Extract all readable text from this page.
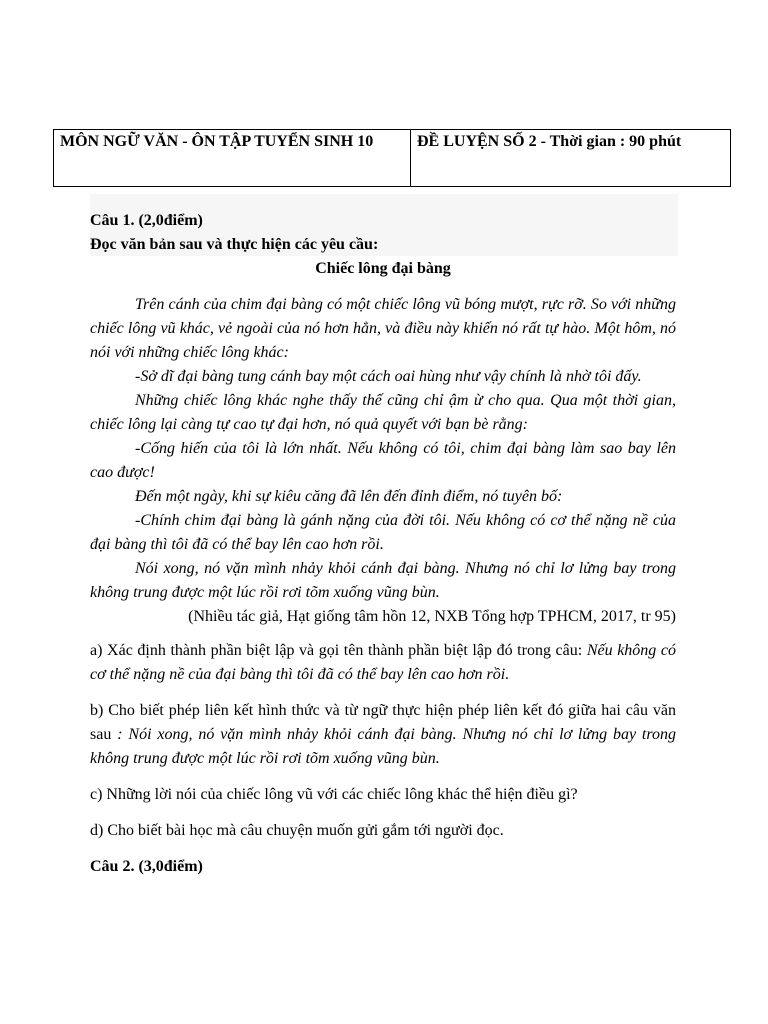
MÔN NGỮ VĂN - ÔN TẬP TUYỂN SINH 10	ĐỀ LUYỆN SỐ 2 - Thời gian : 90 phút
Câu 1. (2,0điểm)
Đọc văn bản sau và thực hiện các yêu cầu:
Chiếc lông đại bàng

Trên cánh của chim đại bàng có một chiếc lông vũ bóng mượt, rực rỡ. So với những chiếc lông vũ khác, vẻ ngoài của nó hơn hẳn, và điều này khiến nó rất tự hào. Một hôm, nó nói với những chiếc lông khác:

-Sở dĩ đại bàng tung cánh bay một cách oai hùng như vậy chính là nhờ tôi đấy.

Những chiếc lông khác nghe thấy thế cũng chỉ ậm ừ cho qua. Qua một thời gian, chiếc lông lại càng tự cao tự đại hơn, nó quả quyết với bạn bè rằng:

-Cống hiến của tôi là lớn nhất. Nếu không có tôi, chim đại bàng làm sao bay lên cao được!

Đến một ngày, khi sự kiêu căng đã lên đến đỉnh điểm, nó tuyên bố:

-Chính chim đại bàng là gánh nặng của đời tôi. Nếu không có cơ thể nặng nề của đại bàng thì tôi đã có thể bay lên cao hơn rồi.

Nói xong, nó vặn mình nhảy khỏi cánh đại bàng. Nhưng nó chỉ lơ lửng bay trong không trung được một lúc rồi rơi tõm xuống vũng bùn.

(Nhiều tác giả, Hạt giống tâm hồn 12, NXB Tổng hợp TPHCM, 2017, tr 95)

a) Xác định thành phần biệt lập và gọi tên thành phần biệt lập đó trong câu: Nếu không có cơ thể nặng nề của đại bàng thì tôi đã có thể bay lên cao hơn rồi.

b) Cho biết phép liên kết hình thức và từ ngữ thực hiện phép liên kết đó giữa hai câu văn sau : Nói xong, nó vặn mình nhảy khỏi cánh đại bàng. Nhưng nó chỉ lơ lửng bay trong không trung được một lúc rồi rơi tõm xuống vũng bùn.

c) Những lời nói của chiếc lông vũ với các chiếc lông khác thể hiện điều gì?

d) Cho biết bài học mà câu chuyện muốn gửi gắm tới người đọc.

Câu 2. (3,0điểm)
